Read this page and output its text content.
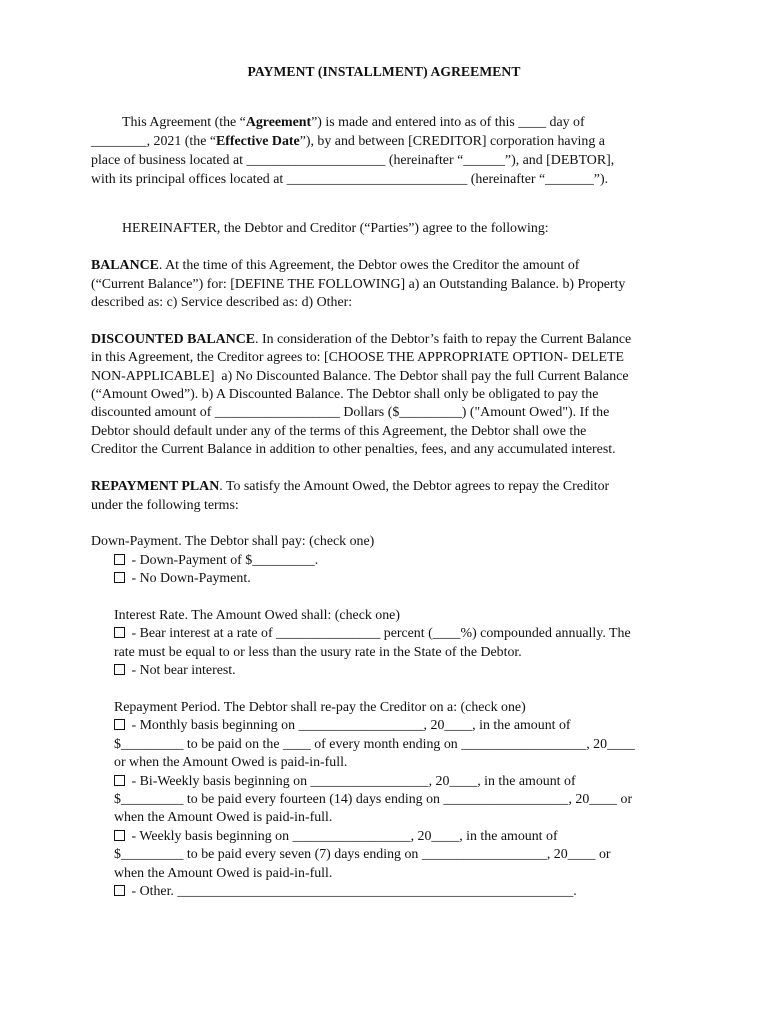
PAYMENT (INSTALLMENT) AGREEMENT
This Agreement (the “Agreement”) is made and entered into as of this ____ day of
________, 2021 (the “Effective Date”), by and between [CREDITOR] corporation having a
place of business located at ____________________ (hereinafter “______”), and [DEBTOR],
with its principal offices located at __________________________ (hereinafter “_______”).
HEREINAFTER, the Debtor and Creditor (“Parties”) agree to the following:
BALANCE. At the time of this Agreement, the Debtor owes the Creditor the amount of
(“Current Balance”) for: [DEFINE THE FOLLOWING] a) an Outstanding Balance. b) Property
described as: c) Service described as: d) Other:
DISCOUNTED BALANCE. In consideration of the Debtor’s faith to repay the Current Balance
in this Agreement, the Creditor agrees to: [CHOOSE THE APPROPRIATE OPTION- DELETE
NON-APPLICABLE]  a) No Discounted Balance. The Debtor shall pay the full Current Balance
(“Amount Owed”). b) A Discounted Balance. The Debtor shall only be obligated to pay the
discounted amount of __________________ Dollars ($_________) ("Amount Owed"). If the
Debtor should default under any of the terms of this Agreement, the Debtor shall owe the
Creditor the Current Balance in addition to other penalties, fees, and any accumulated interest.
REPAYMENT PLAN. To satisfy the Amount Owed, the Debtor agrees to repay the Creditor
under the following terms:
Down-Payment. The Debtor shall pay: (check one)
- Down-Payment of $_________.
- No Down-Payment.
Interest Rate. The Amount Owed shall: (check one)
- Bear interest at a rate of _______________ percent (____%) compounded annually. The
rate must be equal to or less than the usury rate in the State of the Debtor.
- Not bear interest.
Repayment Period. The Debtor shall re-pay the Creditor on a: (check one)
- Monthly basis beginning on __________________, 20____, in the amount of
$_________ to be paid on the ____ of every month ending on __________________, 20____
or when the Amount Owed is paid-in-full.
- Bi-Weekly basis beginning on _________________, 20____, in the amount of
$_________ to be paid every fourteen (14) days ending on __________________, 20____ or
when the Amount Owed is paid-in-full.
- Weekly basis beginning on _________________, 20____, in the amount of
$_________ to be paid every seven (7) days ending on __________________, 20____ or
when the Amount Owed is paid-in-full.
- Other. _________________________________________________________.
